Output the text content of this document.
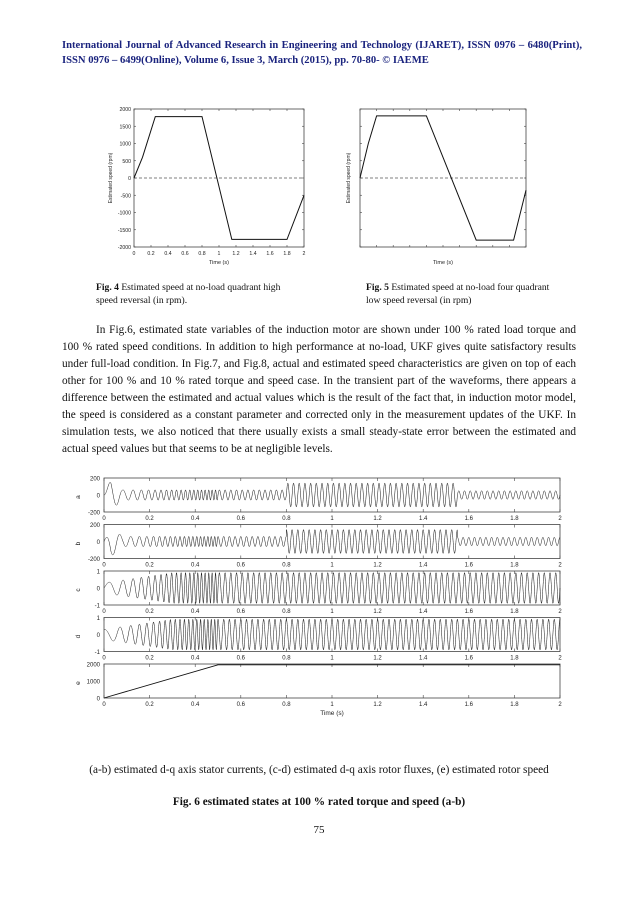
International Journal of Advanced Research in Engineering and Technology (IJARET), ISSN 0976 – 6480(Print), ISSN 0976 – 6499(Online), Volume 6, Issue 3, March (2015), pp. 70-80- © IAEME
0 0.2 0.4 0.6 0.8 1 1.2 1.4 1.6 1.8 2
2000
1500
1000
500
0
-500
-1000
-1500
-2000
Time (s)
Estimated speed (rpm)
Time (s)
Estimated speed (rpm)
Fig. 4 Estimated speed at no-load quadrant high speed reversal (in rpm).
Fig. 5 Estimated speed at no-load four quadrant low speed reversal (in rpm)
In Fig.6, estimated state variables of the induction motor are shown under 100 % rated load torque and 100 % rated speed conditions. In addition to high performance at no-load, UKF gives quite satisfactory results under full-load condition. In Fig.7, and Fig.8, actual and estimated speed characteristics are given on top of each other for 100 % and 10 % rated torque and speed case. In the transient part of the waveforms, there appears a difference between the estimated and actual values which is the result of the fact that, in induction motor model, the speed is considered as a constant parameter and corrected only in the measurement updates of the UKF. In simulation tests, we also noticed that there usually exists a small steady-state error between the estimated and actual speed values but that seems to be at negligible levels.
0	0.2	0.4	0.6	0.8	1	1.2	1.4	1.6	1.8	2
200
0
-200
a
0	0.2	0.4	0.6	0.8	1	1.2	1.4	1.6	1.8	2
200
0
-200
b
0	0.2	0.4	0.6	0.8	1	1.2	1.4	1.6	1.8	2
1
0
-1
c
0	0.2	0.4	0.6	0.8	1	1.2	1.4	1.6	1.8	2
1
0
-1
d
0	0.2	0.4	0.6	0.8	1	1.2	1.4	1.6	1.8	2
2000
1000
0
e
Time (s)
(a-b) estimated d-q axis stator currents, (c-d) estimated d-q axis rotor fluxes, (e) estimated rotor speed
Fig. 6 estimated states at 100 % rated torque and speed (a-b)
75
